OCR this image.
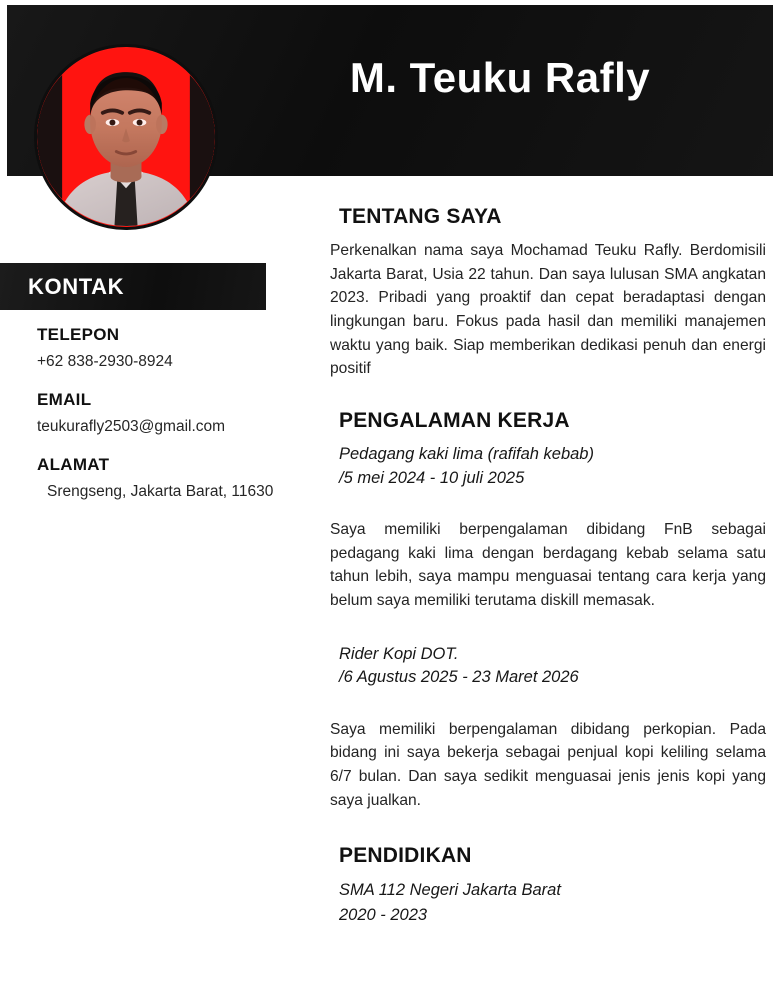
M. Teuku Rafly
KONTAK
TELEPON
+62 838-2930-8924
EMAIL
teukurafly2503@gmail.com
ALAMAT
Srengseng, Jakarta Barat, 11630
TENTANG SAYA

Perkenalkan nama saya Mochamad Teuku Rafly. Berdomisili Jakarta Barat, Usia 22 tahun. Dan saya lulusan SMA angkatan 2023. Pribadi yang proaktif dan cepat beradaptasi dengan lingkungan baru. Fokus pada hasil dan memiliki manajemen waktu yang baik. Siap memberikan dedikasi penuh dan energi positif

PENGALAMAN KERJA
Pedagang kaki lima (rafifah kebab)
/5 mei 2024 - 10 juli 2025

Saya memiliki berpengalaman dibidang FnB sebagai pedagang kaki lima dengan berdagang kebab selama satu tahun lebih, saya mampu menguasai tentang cara kerja yang belum saya memiliki terutama diskill memasak.

Rider Kopi DOT.
/6 Agustus 2025 - 23 Maret 2026

Saya memiliki berpengalaman dibidang perkopian. Pada bidang ini saya bekerja sebagai penjual kopi keliling selama 6/7 bulan. Dan saya sedikit menguasai jenis jenis kopi yang saya jualkan.

PENDIDIKAN
SMA 112 Negeri Jakarta Barat
2020 - 2023
